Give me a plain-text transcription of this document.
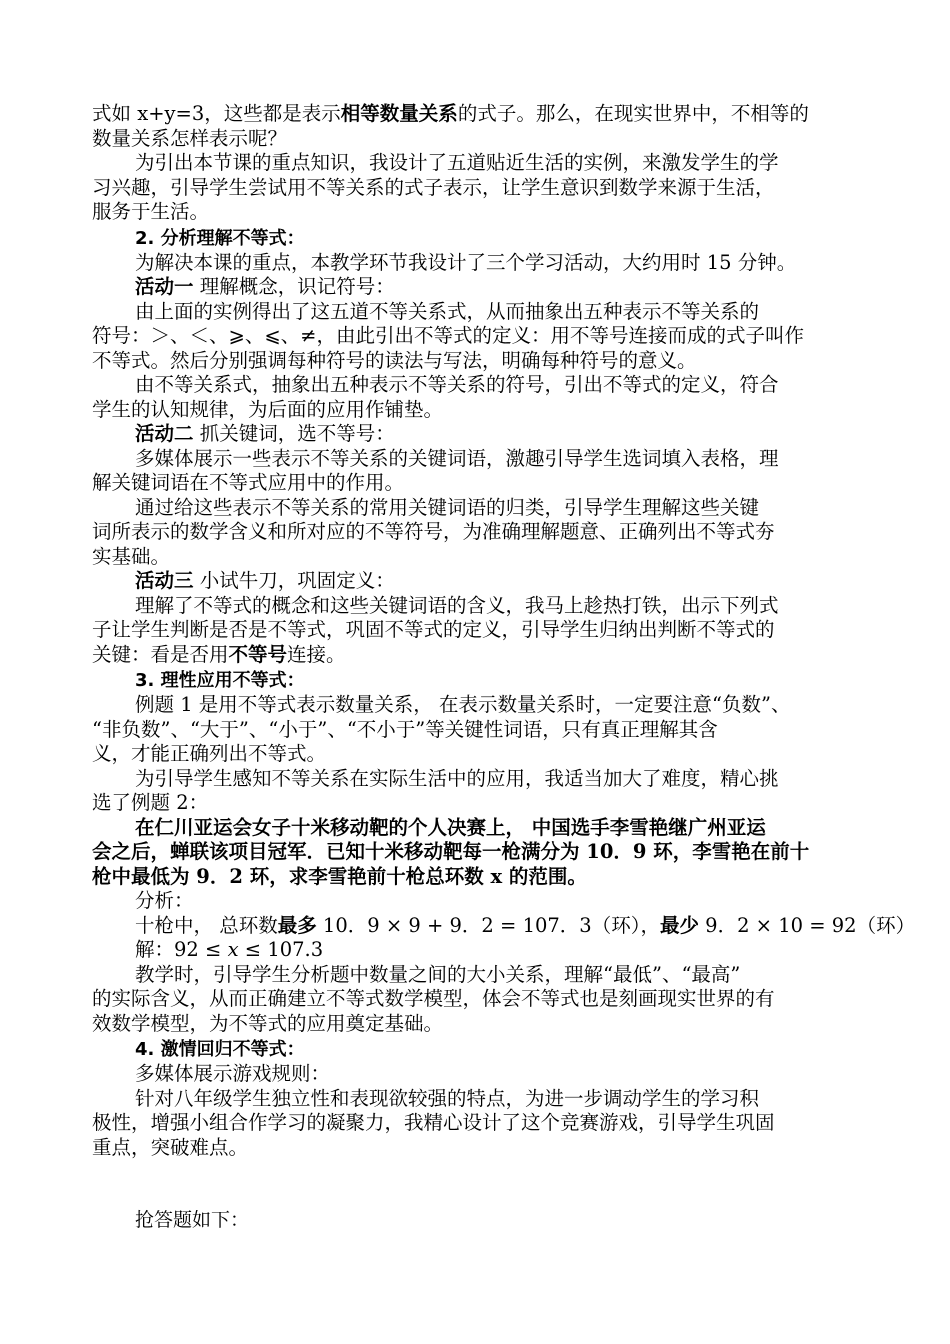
式如 x+y=3，这些都是表示相等数量关系的式子。那么，在现实世界中，不相等的
数量关系怎样表示呢？
为引出本节课的重点知识，我设计了五道贴近生活的实例，来激发学生的学
习兴趣，引导学生尝试用不等关系的式子表示，让学生意识到数学来源于生活，
服务于生活。
2. 分析理解不等式：
为解决本课的重点，本教学环节我设计了三个学习活动，大约用时 15 分钟。
活动一 理解概念，识记符号：
由上面的实例得出了这五道不等关系式，从而抽象出五种表示不等关系的
符号：＞、＜、⩾、⩽、≠，由此引出不等式的定义：用不等号连接而成的式子叫作
不等式。然后分别强调每种符号的读法与写法，明确每种符号的意义。
由不等关系式，抽象出五种表示不等关系的符号，引出不等式的定义，符合
学生的认知规律，为后面的应用作铺垫。
活动二 抓关键词，选不等号：
多媒体展示一些表示不等关系的关键词语，激趣引导学生选词填入表格，理
解关键词语在不等式应用中的作用。
通过给这些表示不等关系的常用关键词语的归类，引导学生理解这些关键
词所表示的数学含义和所对应的不等符号，为准确理解题意、正确列出不等式夯
实基础。
活动三 小试牛刀，巩固定义：
理解了不等式的概念和这些关键词语的含义，我马上趁热打铁，出示下列式
子让学生判断是否是不等式，巩固不等式的定义，引导学生归纳出判断不等式的
关键：看是否用不等号连接。
3. 理性应用不等式：
例题 1 是用不等式表示数量关系， 在表示数量关系时，一定要注意“负数”、
“非负数”、“大于”、“小于”、“不小于”等关键性词语，只有真正理解其含
义，才能正确列出不等式。
为引导学生感知不等关系在实际生活中的应用，我适当加大了难度，精心挑
选了例题 2：
在仁川亚运会女子十米移动靶的个人决赛上， 中国选手李雪艳继广州亚运
会之后，蝉联该项目冠军．已知十米移动靶每一枪满分为 10．9 环，李雪艳在前十
枪中最低为 9．2 环，求李雪艳前十枪总环数 x 的范围。
分析：
十枪中， 总环数最多 10．9 × 9 + 9．2 = 107．3（环），最少 9．2 × 10 = 92（环）
解：92 ≤ x ≤ 107.3
教学时，引导学生分析题中数量之间的大小关系，理解“最低”、“最高”
的实际含义，从而正确建立不等式数学模型，体会不等式也是刻画现实世界的有
效数学模型，为不等式的应用奠定基础。
4. 激情回归不等式：
多媒体展示游戏规则：
针对八年级学生独立性和表现欲较强的特点，为进一步调动学生的学习积
极性，增强小组合作学习的凝聚力，我精心设计了这个竞赛游戏，引导学生巩固
重点，突破难点。
抢答题如下：
